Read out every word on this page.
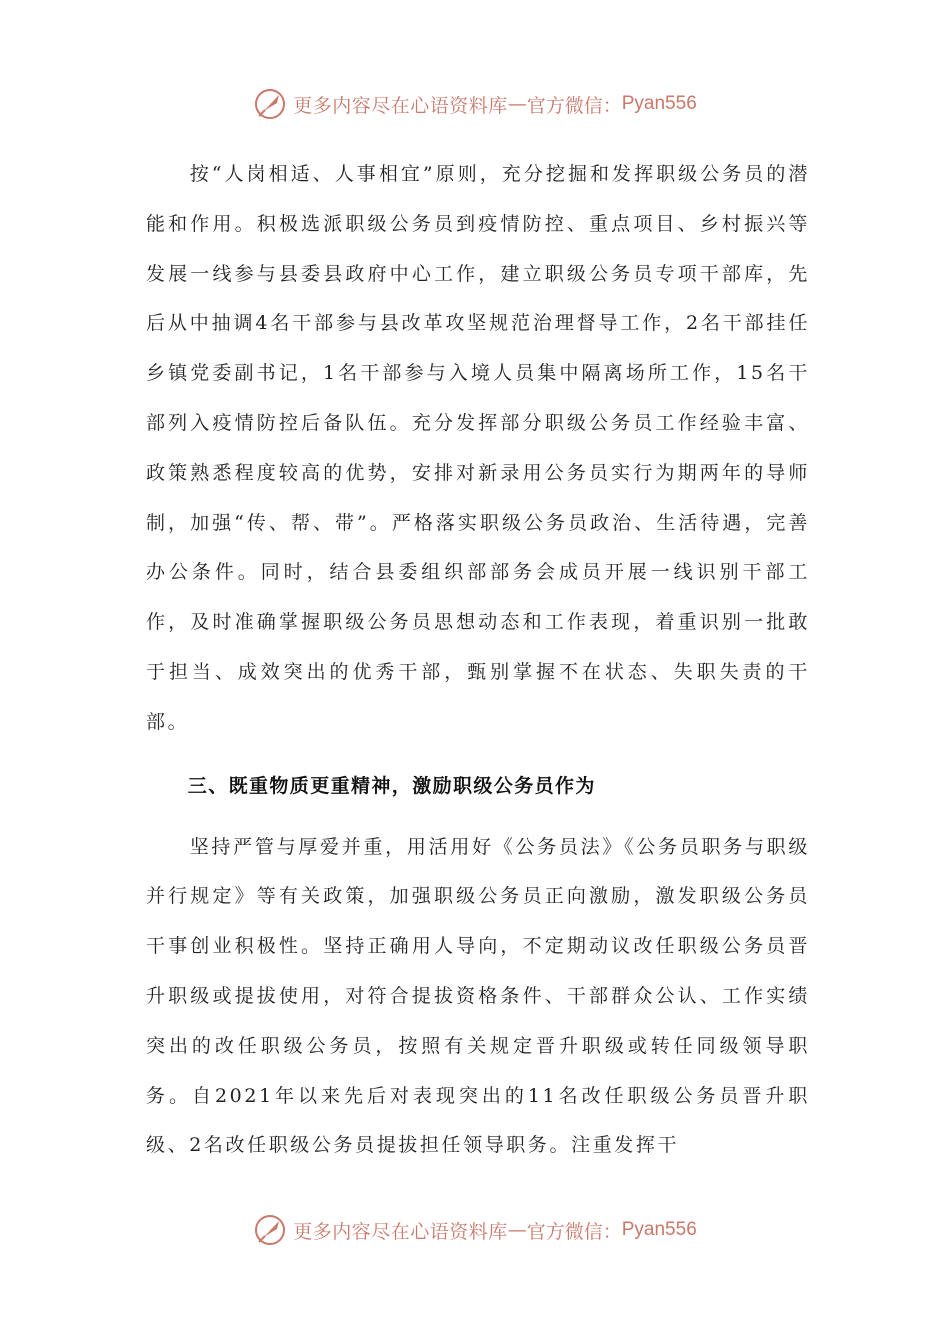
更多内容尽在心语资料库 — 官方微信： Pyan556

按“人岗相适、人事相宜”原则，充分挖掘和发挥职级公务员的潜能和作用。积极选派职级公务员到疫情防控、重点项目、乡村振兴等发展一线参与县委县政府中心工作，建立职级公务员专项干部库，先后从中抽调4名干部参与县改革攻坚规范治理督导工作，2名干部挂任乡镇党委副书记，1名干部参与入境人员集中隔离场所工作，15名干部列入疫情防控后备队伍。充分发挥部分职级公务员工作经验丰富、政策熟悉程度较高的优势，安排对新录用公务员实行为期两年的导师制，加强“传、帮、带”。严格落实职级公务员政治、生活待遇，完善办公条件。同时，结合县委组织部部务会成员开展一线识别干部工作，及时准确掌握职级公务员思想动态和工作表现，着重识别一批敢于担当、成效突出的优秀干部，甄别掌握不在状态、失职失责的干部。

三、既重物质更重精神，激励职级公务员作为

坚持严管与厚爱并重，用活用好《公务员法》《公务员职务与职级并行规定》等有关政策，加强职级公务员正向激励，激发职级公务员干事创业积极性。坚持正确用人导向，不定期动议改任职级公务员晋升职级或提拔使用，对符合提拔资格条件、干部群众公认、工作实绩突出的改任职级公务员，按照有关规定晋升职级或转任同级领导职务。自2021年以来先后对表现突出的11名改任职级公务员晋升职级、2名改任职级公务员提拔担任领导职务。注重发挥干

更多内容尽在心语资料库 — 官方微信： Pyan556
